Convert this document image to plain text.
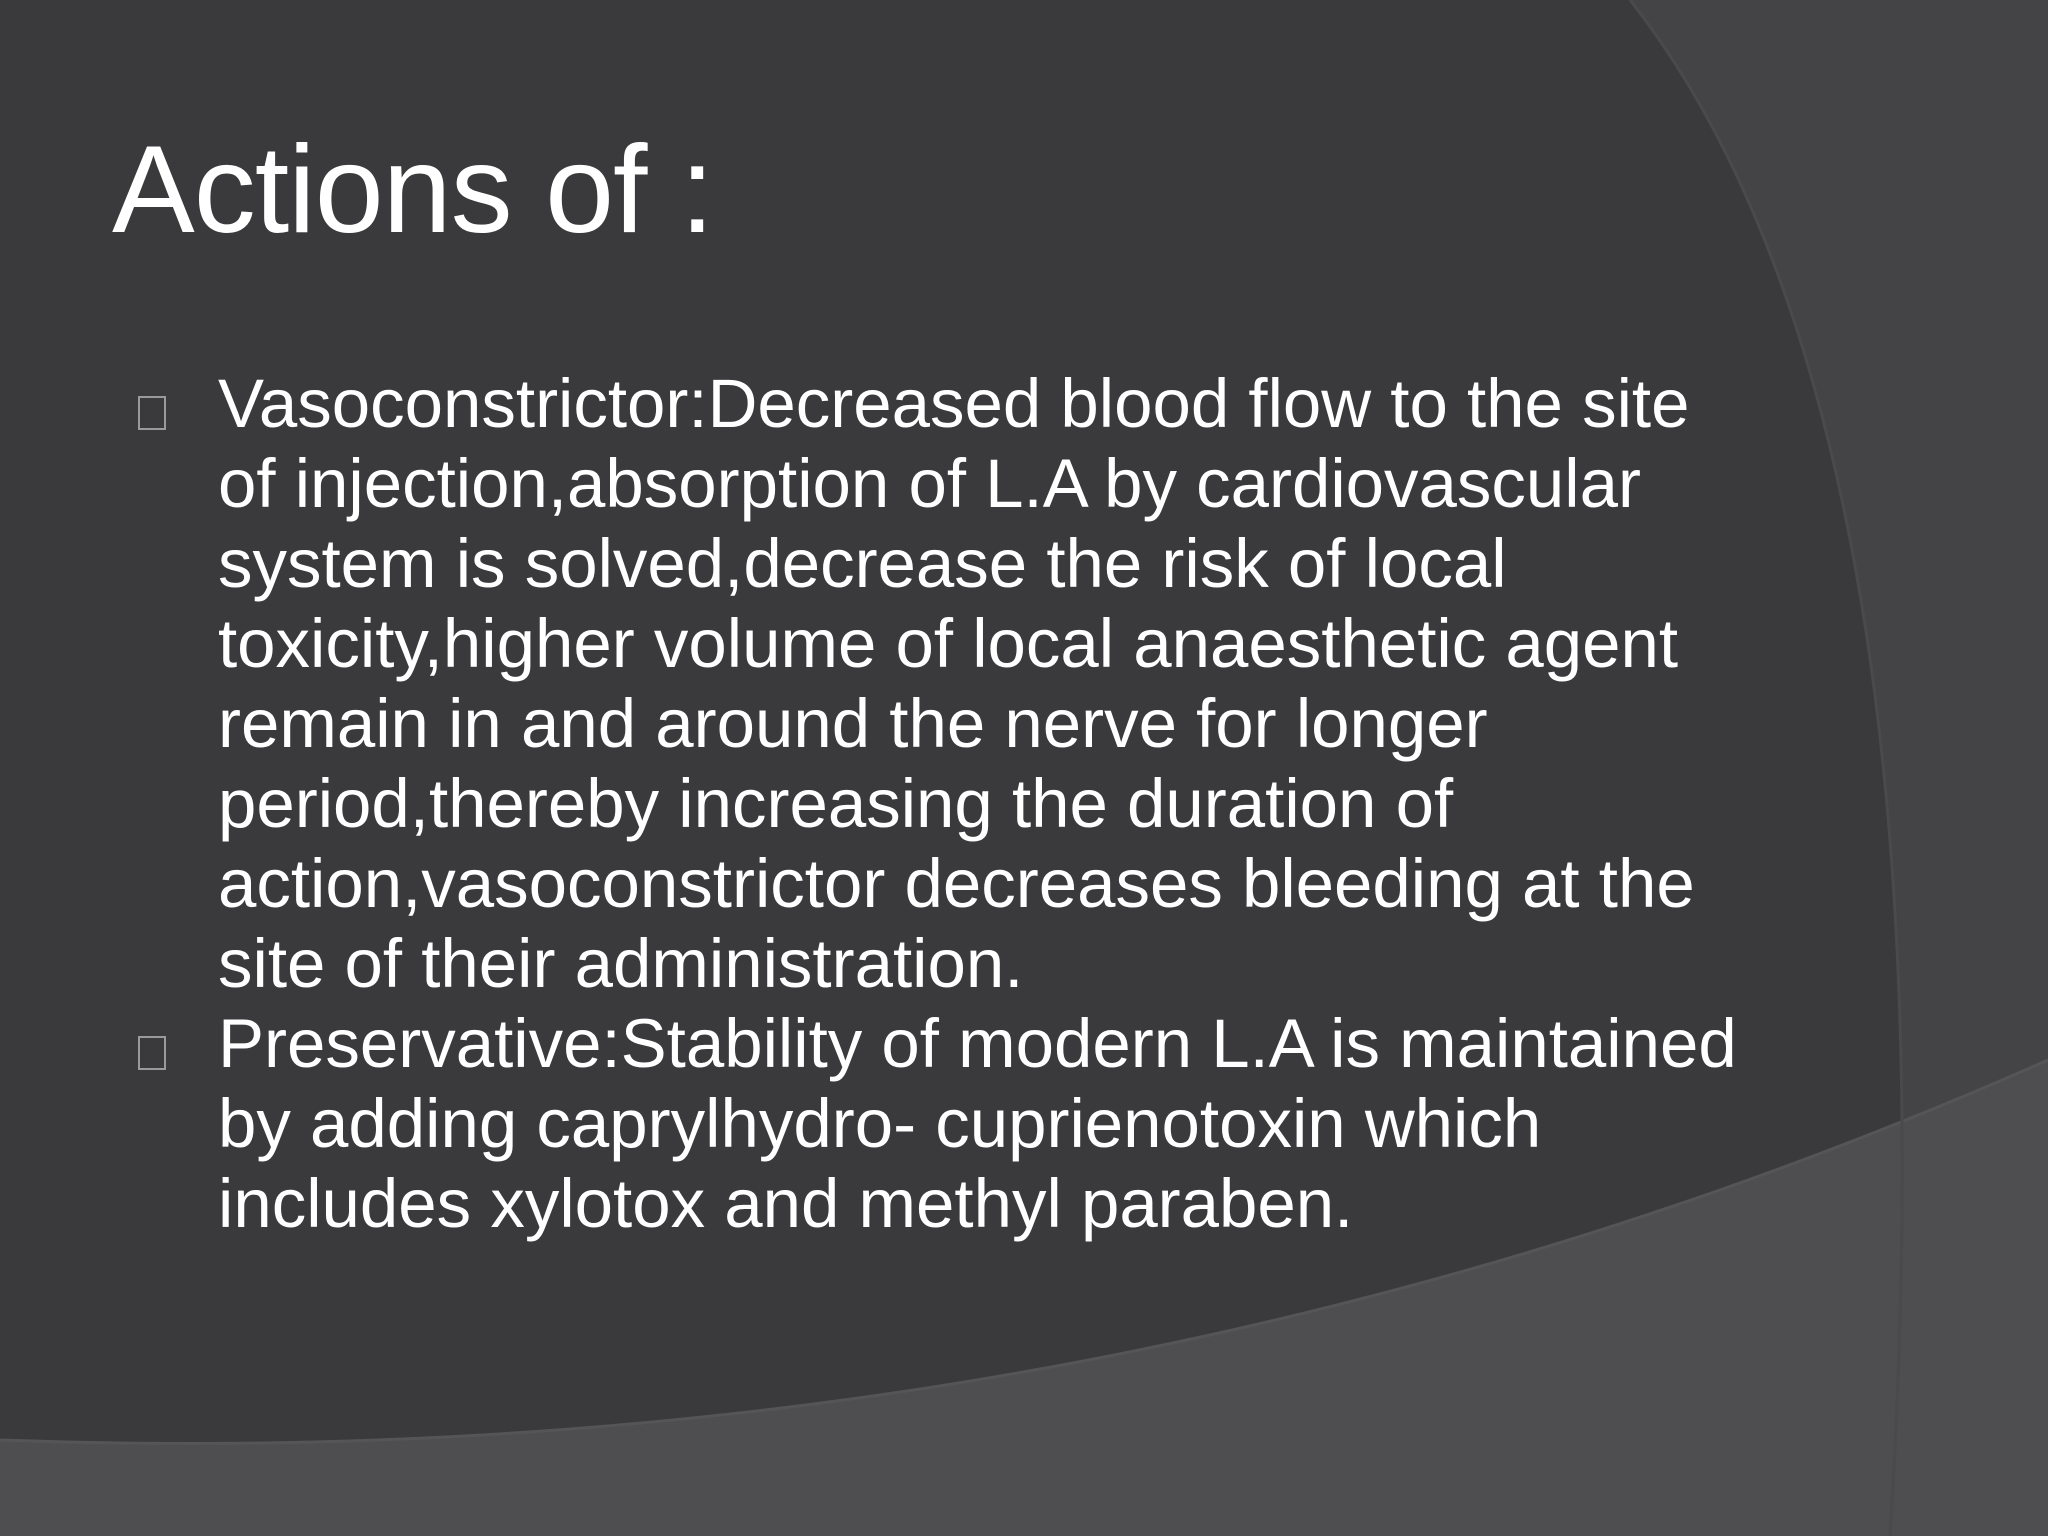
Actions of :
Vasoconstrictor:Decreased blood flow to the site of injection,absorption of L.A by cardiovascular system is solved,decrease the risk of local toxicity,higher volume of local anaesthetic agent remain in and around the nerve for longer period,thereby increasing the duration of action,vasoconstrictor decreases bleeding at the site of their administration.
Preservative:Stability of modern L.A is maintained by adding caprylhydro- cuprienotoxin which includes xylotox and methyl paraben.
